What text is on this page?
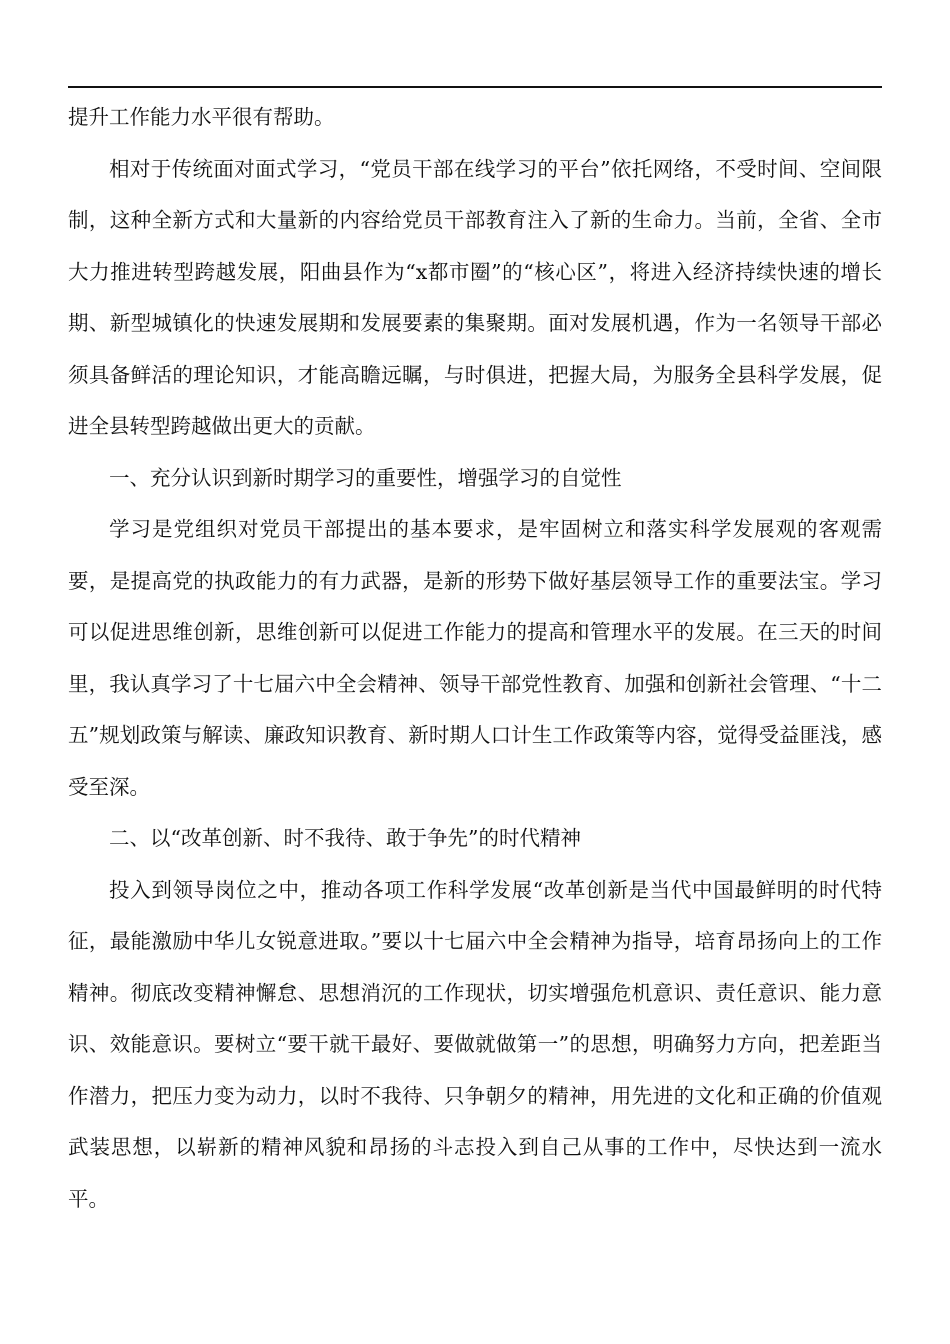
提升工作能力水平很有帮助。

相对于传统面对面式学习，“党员干部在线学习的平台”依托网络，不受时间、空间限制，这种全新方式和大量新的内容给党员干部教育注入了新的生命力。当前，全省、全市大力推进转型跨越发展，阳曲县作为“x都市圈”的“核心区”，将进入经济持续快速的增长期、新型城镇化的快速发展期和发展要素的集聚期。面对发展机遇，作为一名领导干部必须具备鲜活的理论知识，才能高瞻远瞩，与时俱进，把握大局，为服务全县科学发展，促进全县转型跨越做出更大的贡献。

一、充分认识到新时期学习的重要性，增强学习的自觉性

学习是党组织对党员干部提出的基本要求，是牢固树立和落实科学发展观的客观需要，是提高党的执政能力的有力武器，是新的形势下做好基层领导工作的重要法宝。学习可以促进思维创新，思维创新可以促进工作能力的提高和管理水平的发展。在三天的时间里，我认真学习了十七届六中全会精神、领导干部党性教育、加强和创新社会管理、“十二五”规划政策与解读、廉政知识教育、新时期人口计生工作政策等内容，觉得受益匪浅，感受至深。

二、以“改革创新、时不我待、敢于争先”的时代精神

投入到领导岗位之中，推动各项工作科学发展“改革创新是当代中国最鲜明的时代特征，最能激励中华儿女锐意进取。”要以十七届六中全会精神为指导，培育昂扬向上的工作精神。彻底改变精神懈怠、思想消沉的工作现状，切实增强危机意识、责任意识、能力意识、效能意识。要树立“要干就干最好、要做就做第一”的思想，明确努力方向，把差距当作潜力，把压力变为动力，以时不我待、只争朝夕的精神，用先进的文化和正确的价值观武装思想，以崭新的精神风貌和昂扬的斗志投入到自己从事的工作中，尽快达到一流水平。
